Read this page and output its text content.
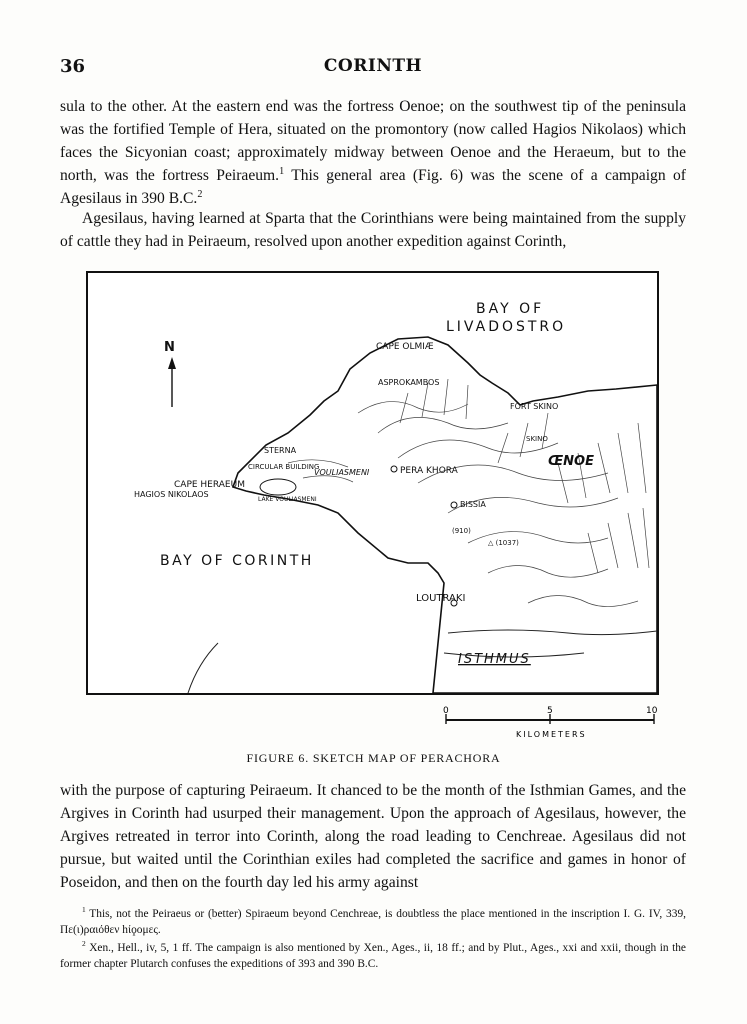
36	CORINTH

sula to the other. At the eastern end was the fortress Oenoe; on the southwest tip of the peninsula was the fortified Temple of Hera, situated on the promontory (now called Hagios Nikolaos) which faces the Sicyonian coast; approximately midway between Oenoe and the Heraeum, but to the north, was the fortress Peiraeum.$^1$ This general area (Fig. 6) was the scene of a campaign of Agesilaus in 390 B.C.$^2$

Agesilaus, having learned at Sparta that the Corinthians were being maintained from the supply of cattle they had in Peiraeum, resolved upon another expedition against Corinth,

BAY OF
LIVADOSTRO
N	CAPE OLMIÆ
ASPROKAMBOS
FORT SKINO
SKINO
ŒNOE
STERNA
CIRCULAR BUILDING
CAPE HERAEUM
HAGIOS NIKOLAOS
LAKE VOULIASMENI
VOULIASMENI	PERA KHORA
BISSIA
(910)
△ (1037)
BAY OF CORINTH
LOUTRAKI
ISTHMUS
0	5	10
KILOMETERS
FIGURE 6. SKETCH MAP OF PERACHORA

with the purpose of capturing Peiraeum. It chanced to be the month of the Isthmian Games, and the Argives in Corinth had usurped their management. Upon the approach of Agesilaus, however, the Argives retreated in terror into Corinth, along the road leading to Cenchreae. Agesilaus did not pursue, but waited until the Corinthian exiles had completed the sacrifice and games in honor of Poseidon, and then on the fourth day led his army against

$^1$ This, not the Peiraeus or (better) Spiraeum beyond Cenchreae, is doubtless the place mentioned in the inscription I. G. IV, 339, Πε(ι)ραιόθεν hίϙομες.

$^2$ Xen., Hell., iv, 5, 1 ff. The campaign is also mentioned by Xen., Ages., ii, 18 ff.; and by Plut., Ages., xxi and xxii, though in the former chapter Plutarch confuses the expeditions of 393 and 390 B.C.
